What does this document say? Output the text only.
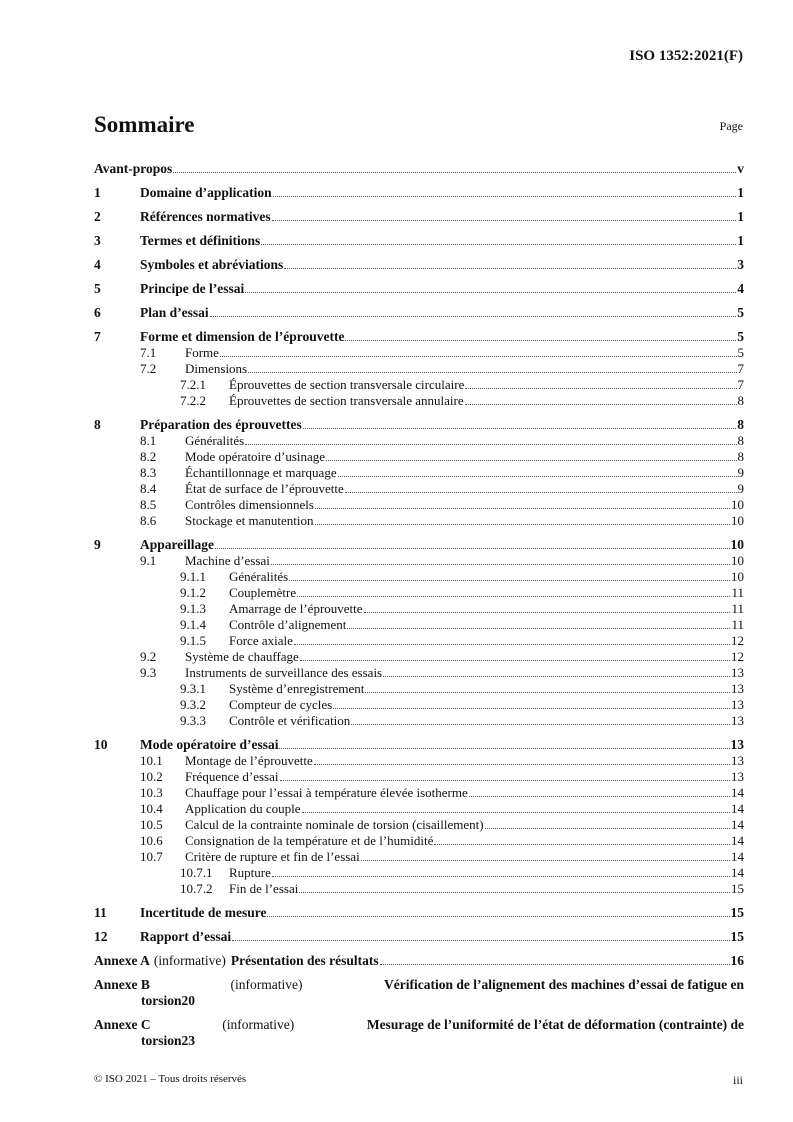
ISO 1352:2021(F)
Sommaire	Page
Avant-propos	v
1	Domaine d’application	1
2	Références normatives	1
3	Termes et définitions	1
4	Symboles et abréviations	3
5	Principe de l’essai	4
6	Plan d’essai	5
7	Forme et dimension de l’éprouvette	5
7.1	Forme	5
7.2	Dimensions	7
7.2.1	Éprouvettes de section transversale circulaire	7
7.2.2	Éprouvettes de section transversale annulaire	8
8	Préparation des éprouvettes	8
8.1	Généralités	8
8.2	Mode opératoire d’usinage	8
8.3	Échantillonnage et marquage	9
8.4	État de surface de l’éprouvette	9
8.5	Contrôles dimensionnels	10
8.6	Stockage et manutention	10
9	Appareillage	10
9.1	Machine d’essai	10
9.1.1	Généralités	10
9.1.2	Couplemètre	11
9.1.3	Amarrage de l’éprouvette	11
9.1.4	Contrôle d’alignement	11
9.1.5	Force axiale	12
9.2	Système de chauffage	12
9.3	Instruments de surveillance des essais	13
9.3.1	Système d’enregistrement	13
9.3.2	Compteur de cycles	13
9.3.3	Contrôle et vérification	13
10	Mode opératoire d’essai	13
10.1	Montage de l’éprouvette	13
10.2	Fréquence d’essai	13
10.3	Chauffage pour l’essai à température élevée isotherme	14
10.4	Application du couple	14
10.5	Calcul de la contrainte nominale de torsion (cisaillement)	14
10.6	Consignation de la température et de l’humidité	14
10.7	Critère de rupture et fin de l’essai	14
10.7.1	Rupture	14
10.7.2	Fin de l’essai	15
11	Incertitude de mesure	15
12	Rapport d’essai	15
Annexe A (informative) Présentation des résultats	16
Annexe B	(informative)	Vérification de l’alignement des machines d’essai de fatigue en
torsion 20
Annexe C	(informative)	Mesurage de l’uniformité de l’état de déformation (contrainte) de
torsion 23
© ISO 2021 – Tous droits réservés	iii
